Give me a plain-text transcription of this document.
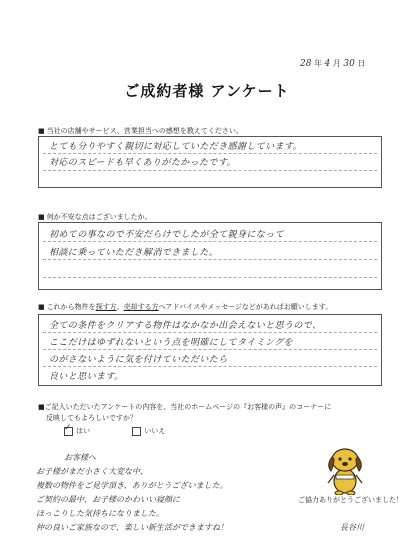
28 年 4 月 30 日
ご成約者様 アンケート
■ 当社の店舗やサービス、営業担当への感想を教えてください。
とても分りやすく親切に対応していただき感謝しています。
対応のスピードも早くありがたかったです。
■ 何か不安な点はございましたか。
初めての事なので不安だらけでしたが全て親身になって
相談に乗っていただき解消できました。
■ これから物件を探す方、売却する方へアドバイスやメッセージなどがあればお願いします。
全ての条件をクリアする物件はなかなか出会えないと思うので、
ここだけはゆずれないという点を明確にしてタイミングを
のがさないように気を付けていただいたら
良いと思います。
■ご記入いただいたアンケートの内容を、当社のホームページの『お客様の声』のコーナーに
反映してもよろしいですか？
✓はい	いいえ
お客様へ
お子様がまだ小さく大変な中、
複数の物件をご見学頂き、ありがとうございました。
ご契約の最中、お子様のかわいい寝顔に
ほっこりした気持ちになりました。
仲の良いご家族なので、楽しい新生活ができますね！	長谷川
ご協力ありがとうございました！
